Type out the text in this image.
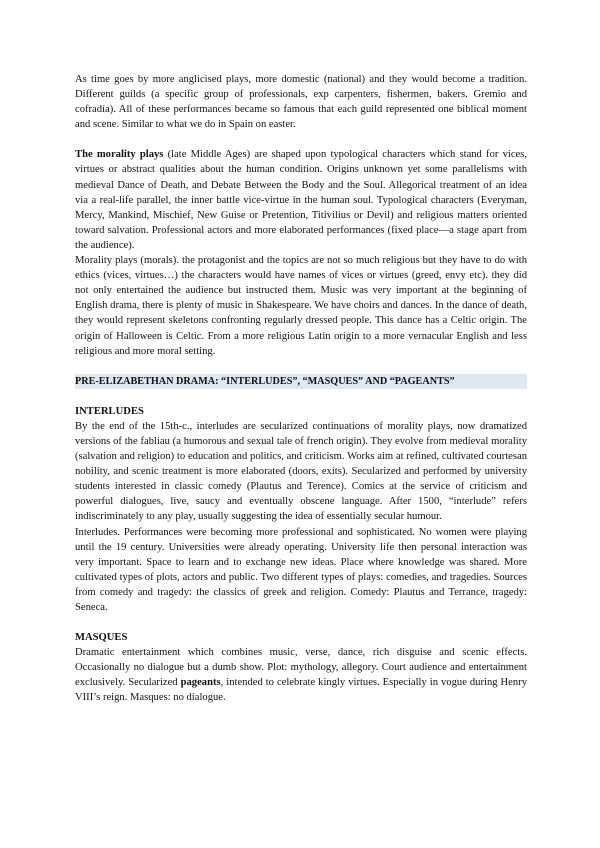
As time goes by more anglicised plays, more domestic (national) and they would become a tradition. Different guilds (a specific group of professionals, exp carpenters, fishermen, bakers. Gremio and cofradía). All of these performances became so famous that each guild represented one biblical moment and scene. Similar to what we do in Spain on easter.

The morality plays (late Middle Ages) are shaped upon typological characters which stand for vices, virtues or abstract qualities about the human condition. Origins unknown yet some parallelisms with medieval Dance of Death, and Debate Between the Body and the Soul. Allegorical treatment of an idea via a real-life parallel, the inner battle vice-virtue in the human soul. Typological characters (Everyman, Mercy, Mankind, Mischief, New Guise or Pretention, Titivilius or Devil) and religious matters oriented toward salvation. Professional actors and more elaborated performances (fixed place—a stage apart from the audience).

Morality plays (morals). the protagonist and the topics are not so much religious but they have to do with ethics (vices, virtues…) the characters would have names of vices or virtues (greed, envy etc). they did not only entertained the audience but instructed them. Music was very important at the beginning of English drama, there is plenty of music in Shakespeare. We have choirs and dances. In the dance of death, they would represent skeletons confronting regularly dressed people. This dance has a Celtic origin. The origin of Halloween is Celtic. From a more religious Latin origin to a more vernacular English and less religious and more moral setting.

PRE-ELIZABETHAN DRAMA: “INTERLUDES”, “MASQUES” AND “PAGEANTS”
INTERLUDES

By the end of the 15th-c., interludes are secularized continuations of morality plays, now dramatized versions of the fabliau (a humorous and sexual tale of french origin). They evolve from medieval morality (salvation and religion) to education and politics, and criticism. Works aim at refined, cultivated courtesan nobility, and scenic treatment is more elaborated (doors, exits). Secularized and performed by university students interested in classic comedy (Plautus and Terence). Comics at the service of criticism and powerful dialogues, live, saucy and eventually obscene language. After 1500, “interlude” refers indiscriminately to any play, usually suggesting the idea of essentially secular humour.

Interludes. Performances were becoming more professional and sophisticated. No women were playing until the 19 century. Universities were already operating. University life then personal interaction was very important. Space to learn and to exchange new ideas. Place where knowledge was shared. More cultivated types of plots, actors and public. Two different types of plays: comedies, and tragedies. Sources from comedy and tragedy: the classics of greek and religion. Comedy: Plautus and Terrance, tragedy: Seneca.

MASQUES

Dramatic entertainment which combines music, verse, dance, rich disguise and scenic effects. Occasionally no dialogue but a dumb show. Plot: mythology, allegory. Court audience and entertainment exclusively. Secularized pageants, intended to celebrate kingly virtues. Especially in vogue during Henry VIII’s reign. Masques: no dialogue.
